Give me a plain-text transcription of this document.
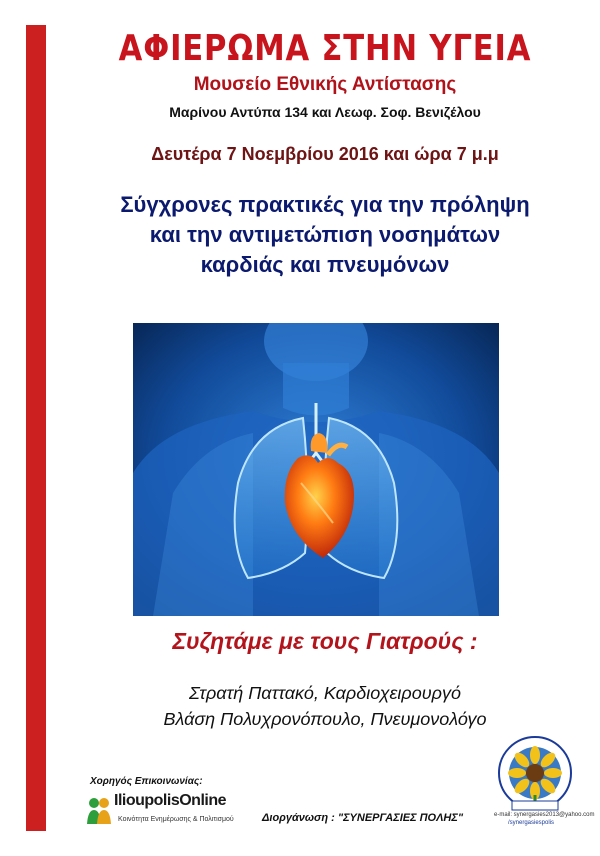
ΑΦΙΕΡΩΜΑ ΣΤΗΝ ΥΓΕΙΑ
Μουσείο Εθνικής Αντίστασης
Μαρίνου Αντύπα 134 και Λεωφ. Σοφ. Βενιζέλου
Δευτέρα 7 Νοεμβρίου 2016 και ώρα 7 μ.μ
Σύγχρονες πρακτικές για την πρόληψη
και την αντιμετώπιση νοσημάτων
καρδιάς και πνευμόνων
Συζητάμε με τους Γιατρούς :
Στρατή Παττακό, Καρδιοχειρουργό
Βλάση Πολυχρονόπουλο, Πνευμονολόγο
Χορηγός Επικοινωνίας:
IlioupolisOnline
Κοινότητα Ενημέρωσης & Πολιτισμού	Διοργάνωση : "ΣΥΝΕΡΓΑΣΙΕΣ ΠΟΛΗΣ"	e-mail: synergasies2013@yahoo.com
/synergasiespolis
